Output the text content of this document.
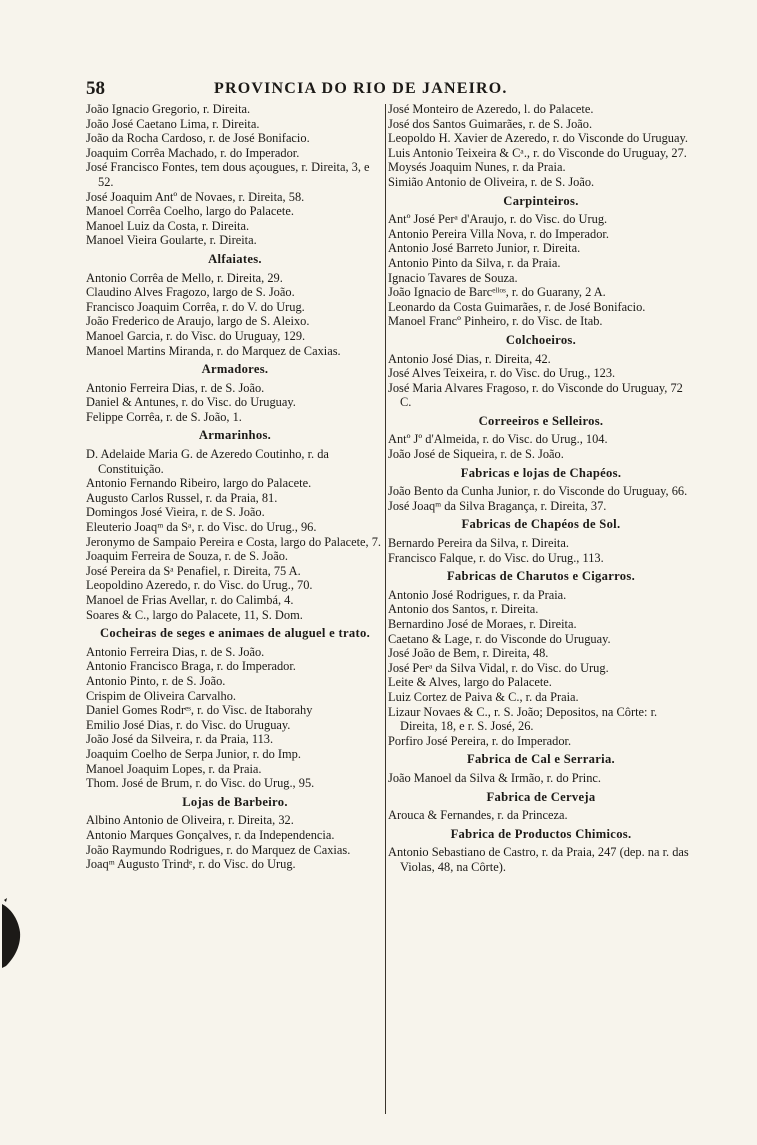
58	PROVINCIA DO RIO DE JANEIRO.
João Ignacio Gregorio, r. Direita.
João José Caetano Lima, r. Direita.
João da Rocha Cardoso, r. de José Bonifacio.
Joaquim Corrêa Machado, r. do Imperador.
José Francisco Fontes, tem dous açougues, r. Direita, 3, e 52.
José Joaquim Antº de Novaes, r. Direita, 58.
Manoel Corrêa Coelho, largo do Palacete.
Manoel Luiz da Costa, r. Direita.
Manoel Vieira Goularte, r. Direita.
Alfaiates.
Antonio Corrêa de Mello, r. Direita, 29.
Claudino Alves Fragozo, largo de S. João.
Francisco Joaquim Corrêa, r. do V. do Urug.
João Frederico de Araujo, largo de S. Aleixo.
Manoel Garcia, r. do Visc. do Uruguay, 129.
Manoel Martins Miranda, r. do Marquez de Caxias.
Armadores.
Antonio Ferreira Dias, r. de S. João.
Daniel & Antunes, r. do Visc. do Uruguay.
Felippe Corrêa, r. de S. João, 1.
Armarinhos.
D. Adelaide Maria G. de Azeredo Coutinho, r. da Constituição.
Antonio Fernando Ribeiro, largo do Palacete.
Augusto Carlos Russel, r. da Praia, 81.
Domingos José Vieira, r. de S. João.
Eleuterio Joaqᵐ da Sᵃ, r. do Visc. do Urug., 96.
Jeronymo de Sampaio Pereira e Costa, largo do Palacete, 7.
Joaquim Ferreira de Souza, r. de S. João.
José Pereira da Sᵃ Penafiel, r. Direita, 75 A.
Leopoldino Azeredo, r. do Visc. do Urug., 70.
Manoel de Frias Avellar, r. do Calimbá, 4.
Soares & C., largo do Palacete, 11, S. Dom.
Cocheiras de seges e animaes de aluguel e trato.
Antonio Ferreira Dias, r. de S. João.
Antonio Francisco Braga, r. do Imperador.
Antonio Pinto, r. de S. João.
Crispim de Oliveira Carvalho.
Daniel Gomes Rodrᵉˢ, r. do Visc. de Itaborahy
Emilio José Dias, r. do Visc. do Uruguay.
João José da Silveira, r. da Praia, 113.
Joaquim Coelho de Serpa Junior, r. do Imp.
Manoel Joaquim Lopes, r. da Praia.
Thom. José de Brum, r. do Visc. do Urug., 95.
Lojas de Barbeiro.
Albino Antonio de Oliveira, r. Direita, 32.
Antonio Marques Gonçalves, r. da Independencia.
João Raymundo Rodrigues, r. do Marquez de Caxias.
Joaqᵐ Augusto Trindᵉ, r. do Visc. do Urug.
José Monteiro de Azeredo, l. do Palacete.
José dos Santos Guimarães, r. de S. João.
Leopoldo H. Xavier de Azeredo, r. do Visconde do Uruguay.
Luis Antonio Teixeira & Cᵃ., r. do Visconde do Uruguay, 27.
Moysés Joaquim Nunes, r. da Praia.
Simião Antonio de Oliveira, r. de S. João.
Carpinteiros.
Antº José Perᵃ d'Araujo, r. do Visc. do Urug.
Antonio Pereira Villa Nova, r. do Imperador.
Antonio José Barreto Junior, r. Direita.
Antonio Pinto da Silva, r. da Praia.
Ignacio Tavares de Souza.
João Ignacio de Barcᵉˡˡᵒˢ, r. do Guarany, 2 A.
Leonardo da Costa Guimarães, r. de José Bonifacio.
Manoel Francº Pinheiro, r. do Visc. de Itab.
Colchoeiros.
Antonio José Dias, r. Direita, 42.
José Alves Teixeira, r. do Visc. do Urug., 123.
José Maria Alvares Fragoso, r. do Visconde do Uruguay, 72 C.
Correeiros e Selleiros.
Antº Jº d'Almeida, r. do Visc. do Urug., 104.
João José de Siqueira, r. de S. João.
Fabricas e lojas de Chapéos.
João Bento da Cunha Junior, r. do Visconde do Uruguay, 66.
José Joaqᵐ da Silva Bragança, r. Direita, 37.
Fabricas de Chapéos de Sol.
Bernardo Pereira da Silva, r. Direita.
Francisco Falque, r. do Visc. do Urug., 113.
Fabricas de Charutos e Cigarros.
Antonio José Rodrigues, r. da Praia.
Antonio dos Santos, r. Direita.
Bernardino José de Moraes, r. Direita.
Caetano & Lage, r. do Visconde do Uruguay.
José João de Bem, r. Direita, 48.
José Perᵃ da Silva Vidal, r. do Visc. do Urug.
Leite & Alves, largo do Palacete.
Luiz Cortez de Paiva & C., r. da Praia.
Lizaur Novaes & C., r. S. João; Depositos, na Côrte: r. Direita, 18, e r. S. José, 26.
Porfiro José Pereira, r. do Imperador.
Fabrica de Cal e Serraria.
João Manoel da Silva & Irmão, r. do Princ.
Fabrica de Cerveja
Arouca & Fernandes, r. da Princeza.
Fabrica de Productos Chimicos.
Antonio Sebastiano de Castro, r. da Praia, 247 (dep. na r. das Violas, 48, na Côrte).
